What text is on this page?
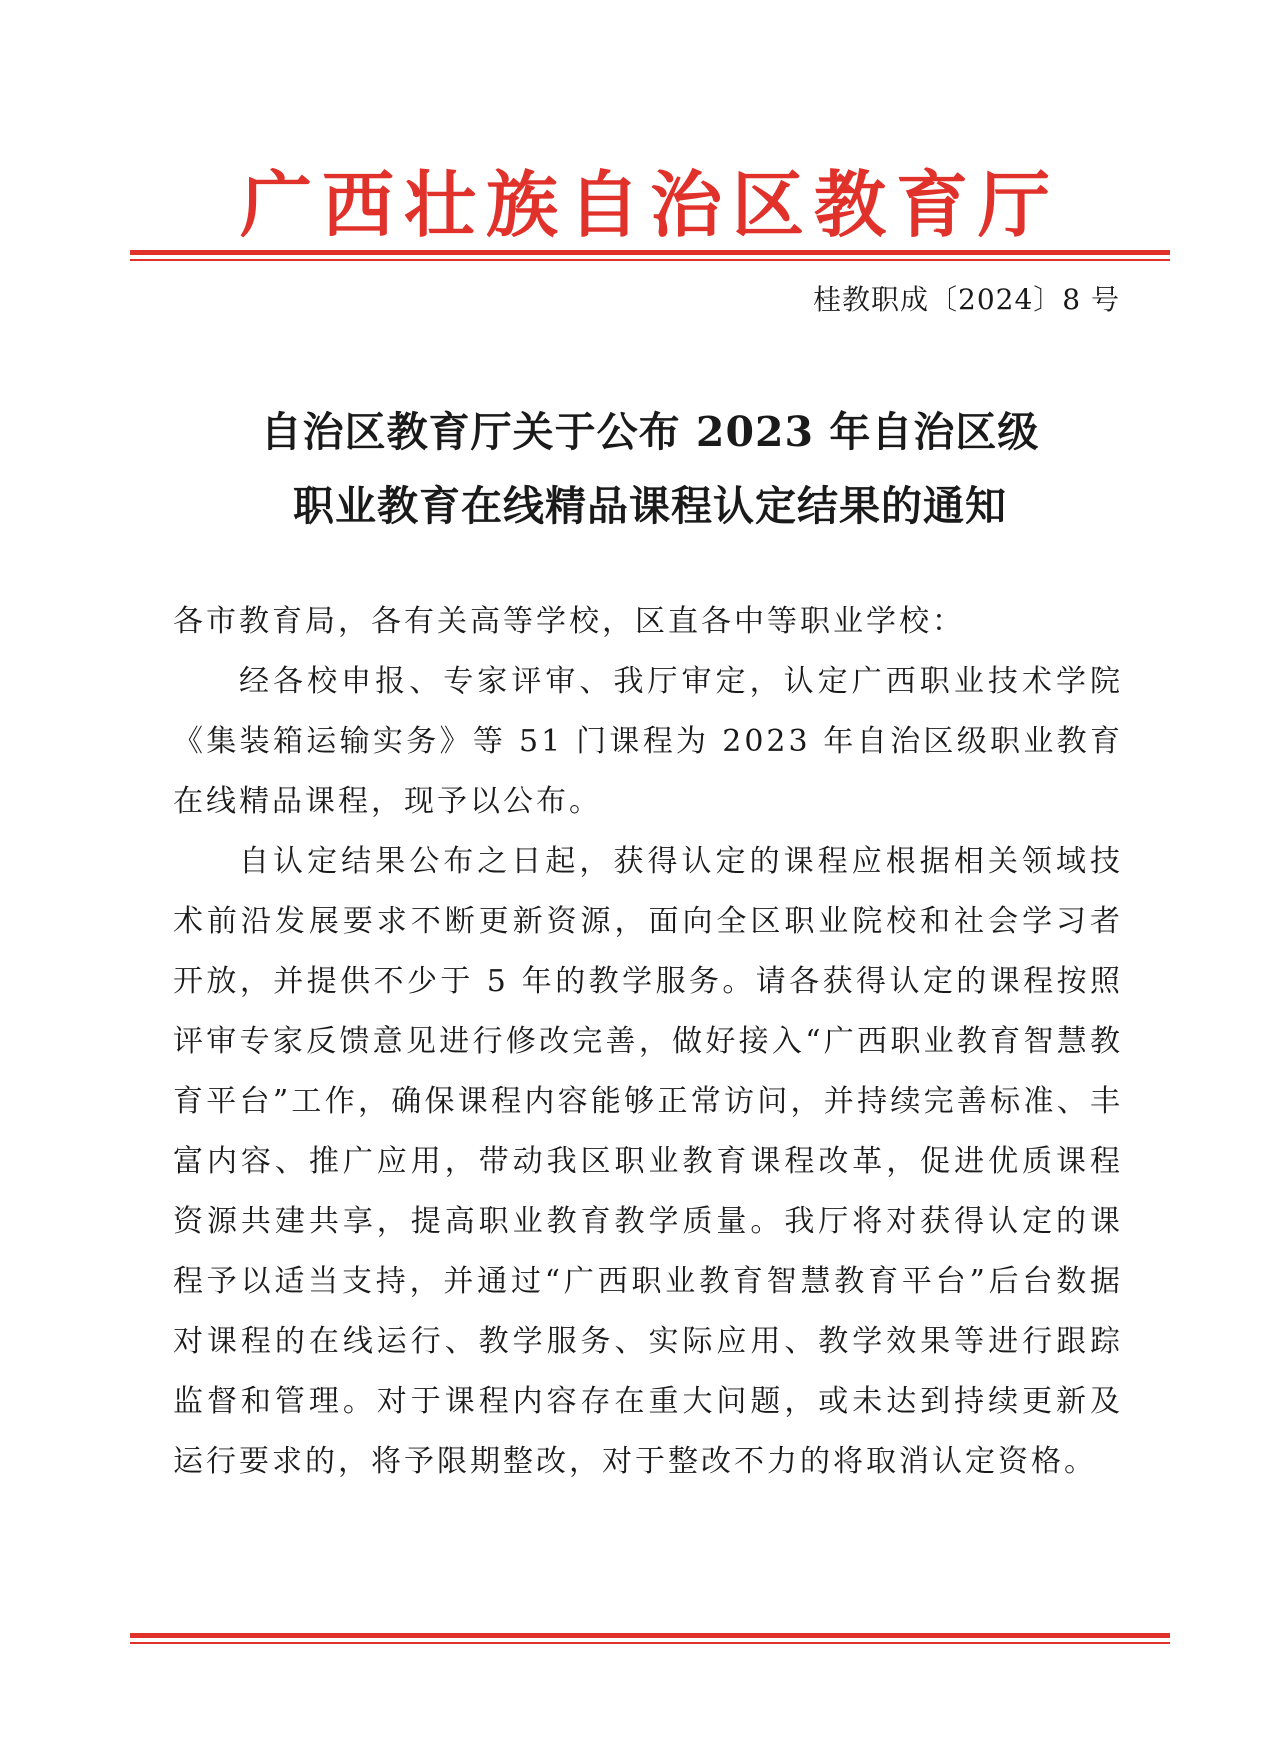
广西壮族自治区教育厅
桂教职成〔2024〕8 号
自治区教育厅关于公布 2023 年自治区级
职业教育在线精品课程认定结果的通知

各市教育局，各有关高等学校，区直各中等职业学校：

经各校申报、专家评审、我厅审定，认定广西职业技术学院《集装箱运输实务》等 51 门课程为 2023 年自治区级职业教育在线精品课程，现予以公布。

自认定结果公布之日起，获得认定的课程应根据相关领域技术前沿发展要求不断更新资源，面向全区职业院校和社会学习者开放，并提供不少于 5 年的教学服务。请各获得认定的课程按照评审专家反馈意见进行修改完善，做好接入“广西职业教育智慧教育平台”工作，确保课程内容能够正常访问，并持续完善标准、丰富内容、推广应用，带动我区职业教育课程改革，促进优质课程资源共建共享，提高职业教育教学质量。我厅将对获得认定的课程予以适当支持，并通过“广西职业教育智慧教育平台”后台数据对课程的在线运行、教学服务、实际应用、教学效果等进行跟踪监督和管理。对于课程内容存在重大问题，或未达到持续更新及运行要求的，将予限期整改，对于整改不力的将取消认定资格。
